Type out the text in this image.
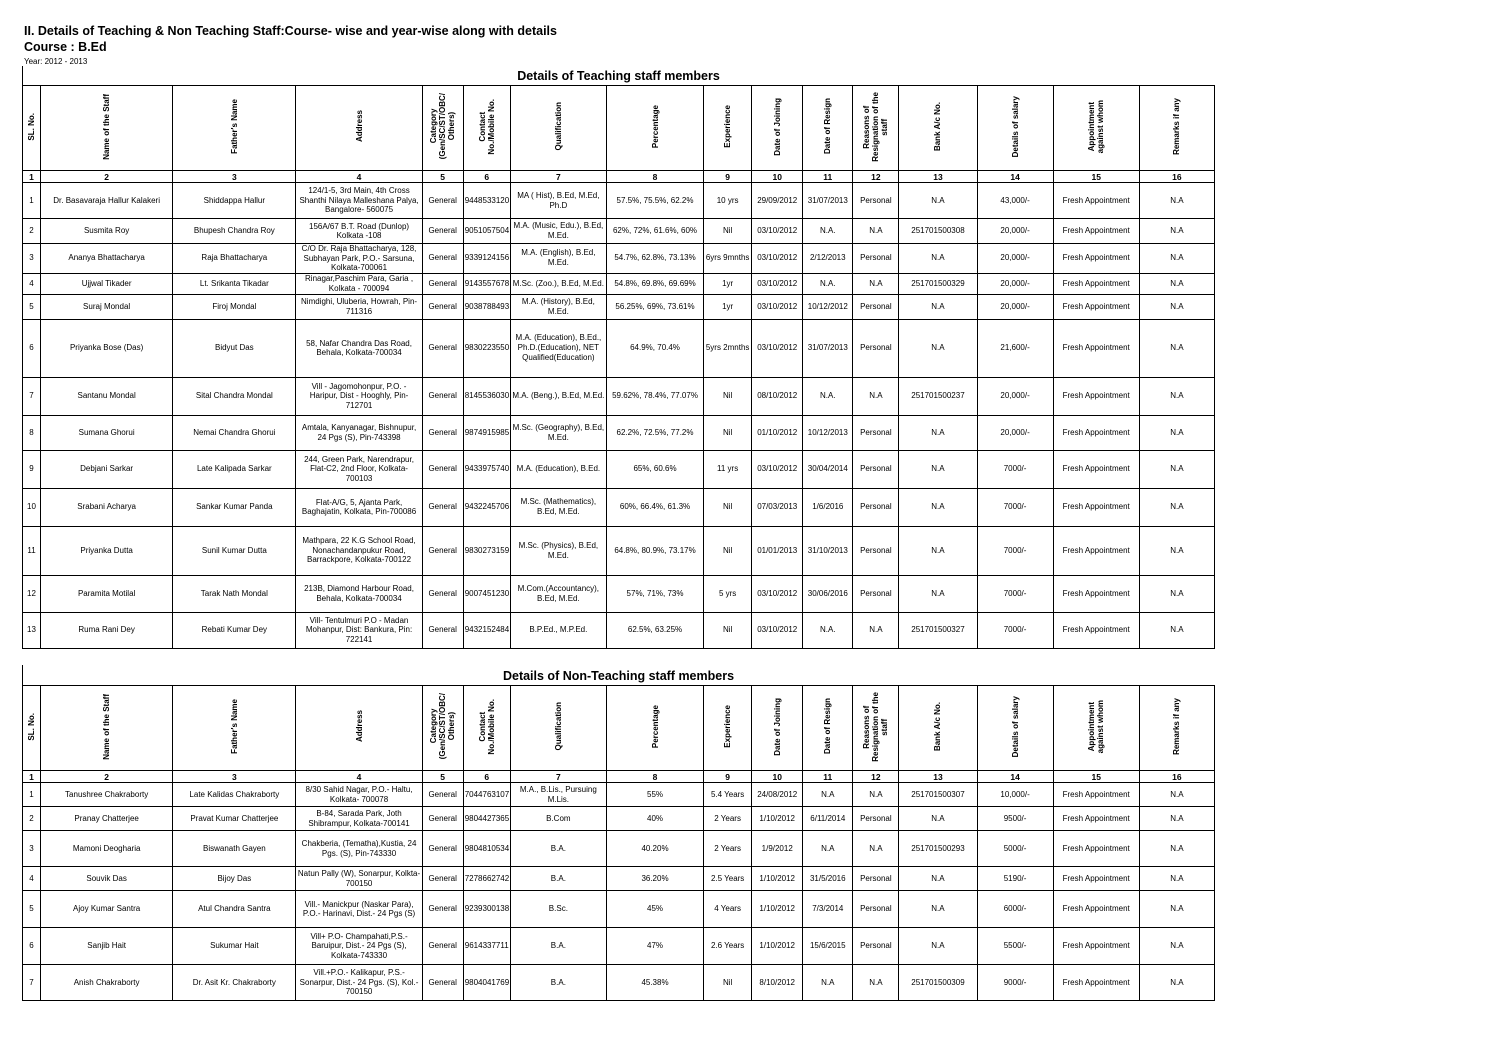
II. Details of Teaching & Non Teaching Staff:Course- wise and year-wise along with details
Course : B.Ed
Year: 2012 - 2013
Details of Teaching staff members
SL. No.	Name of the Staff	Father's Name	Address	Category
(Gen/SC/ST/OBC/
Others)	Contact
No./Mobile No.	Qualification	Percentage	Experience	Date of Joining	Date of Resign	Reasons of
Resignation of the
staff	Bank A/c No.	Details of salary	Appointment
against whom	Remarks if any
1	2	3	4	5	6	7	8	9	10	11	12	13	14	15	16
1	Dr. Basavaraja Hallur Kalakeri	Shiddappa Hallur	124/1-5, 3rd Main, 4th Cross Shanthi Nilaya Malleshana Palya, Bangalore- 560075	General	9448533120	MA ( Hist), B.Ed, M.Ed, Ph.D	57.5%, 75.5%, 62.2%	10 yrs	29/09/2012	31/07/2013	Personal	N.A	43,000/-	Fresh Appointment	N.A
2	Susmita Roy	Bhupesh Chandra Roy	156A/67 B.T. Road (Dunlop) Kolkata -108	General	9051057504	M.A. (Music, Edu.), B.Ed, M.Ed.	62%, 72%, 61.6%, 60%	Nil	03/10/2012	N.A.	N.A	251701500308	20,000/-	Fresh Appointment	N.A
3	Ananya Bhattacharya	Raja Bhattacharya	C/O Dr. Raja Bhattacharya, 128, Subhayan Park, P.O.- Sarsuna, Kolkata-700061	General	9339124156	M.A. (English), B.Ed, M.Ed.	54.7%, 62.8%, 73.13%	6yrs 9mnths	03/10/2012	2/12/2013	Personal	N.A	20,000/-	Fresh Appointment	N.A
4	Ujjwal Tikader	Lt. Srikanta Tikadar	Rinagar,Paschim Para, Garia , Kolkata - 700094	General	9143557678	M.Sc. (Zoo.), B.Ed, M.Ed.	54.8%, 69.8%, 69.69%	1yr	03/10/2012	N.A.	N.A	251701500329	20,000/-	Fresh Appointment	N.A
5	Suraj Mondal	Firoj Mondal	Nimdighi, Uluberia, Howrah, Pin-711316	General	9038788493	M.A. (History), B.Ed, M.Ed.	56.25%, 69%, 73.61%	1yr	03/10/2012	10/12/2012	Personal	N.A	20,000/-	Fresh Appointment	N.A
6	Priyanka Bose (Das)	Bidyut Das	58, Nafar Chandra Das Road, Behala, Kolkata-700034	General	9830223550	M.A. (Education), B.Ed., Ph.D.(Education), NET Qualified(Education)	64.9%, 70.4%	5yrs 2mnths	03/10/2012	31/07/2013	Personal	N.A	21,600/-	Fresh Appointment	N.A
7	Santanu Mondal	Sital Chandra Mondal	Vill - Jagomohonpur, P.O. - Haripur, Dist - Hooghly, Pin-712701	General	8145536030	M.A. (Beng.), B.Ed, M.Ed.	59.62%, 78.4%, 77.07%	Nil	08/10/2012	N.A.	N.A	251701500237	20,000/-	Fresh Appointment	N.A
8	Sumana Ghorui	Nemai Chandra Ghorui	Amtala, Kanyanagar, Bishnupur, 24 Pgs (S), Pin-743398	General	9874915985	M.Sc. (Geography), B.Ed, M.Ed.	62.2%, 72.5%, 77.2%	Nil	01/10/2012	10/12/2013	Personal	N.A	20,000/-	Fresh Appointment	N.A
9	Debjani Sarkar	Late Kalipada Sarkar	244, Green Park, Narendrapur, Flat-C2, 2nd Floor, Kolkata-700103	General	9433975740	M.A. (Education), B.Ed.	65%, 60.6%	11 yrs	03/10/2012	30/04/2014	Personal	N.A	7000/-	Fresh Appointment	N.A
10	Srabani Acharya	Sankar Kumar Panda	Flat-A/G, 5, Ajanta Park, Baghajatin, Kolkata, Pin-700086	General	9432245706	M.Sc. (Mathematics), B.Ed, M.Ed.	60%, 66.4%, 61.3%	Nil	07/03/2013	1/6/2016	Personal	N.A	7000/-	Fresh Appointment	N.A
11	Priyanka Dutta	Sunil Kumar Dutta	Mathpara, 22 K.G School Road, Nonachandanpukur Road, Barrackpore, Kolkata-700122	General	9830273159	M.Sc. (Physics), B.Ed, M.Ed.	64.8%, 80.9%, 73.17%	Nil	01/01/2013	31/10/2013	Personal	N.A	7000/-	Fresh Appointment	N.A
12	Paramita Motilal	Tarak Nath Mondal	213B, Diamond Harbour Road, Behala, Kolkata-700034	General	9007451230	M.Com.(Accountancy), B.Ed, M.Ed.	57%, 71%, 73%	5 yrs	03/10/2012	30/06/2016	Personal	N.A	7000/-	Fresh Appointment	N.A
13	Ruma Rani Dey	Rebati Kumar Dey	Vill- Tentulmuri P.O - Madan Mohanpur, Dist: Bankura, Pin: 722141	General	9432152484	B.P.Ed., M.P.Ed.	62.5%, 63.25%	Nil	03/10/2012	N.A.	N.A	251701500327	7000/-	Fresh Appointment	N.A
Details of Non-Teaching staff members
SL. No.	Name of the Staff	Father's Name	Address	Category
(Gen/SC/ST/OBC/
Others)	Contact
No./Mobile No.	Qualification	Percentage	Experience	Date of Joining	Date of Resign	Reasons of
Resignation of the
staff	Bank A/c No.	Details of salary	Appointment
against whom	Remarks if any
1	2	3	4	5	6	7	8	9	10	11	12	13	14	15	16
1	Tanushree Chakraborty	Late Kalidas Chakraborty	8/30 Sahid Nagar, P.O.- Haltu, Kolkata- 700078	General	7044763107	M.A., B.Lis., Pursuing M.Lis.	55%	5.4 Years	24/08/2012	N.A	N.A	251701500307	10,000/-	Fresh Appointment	N.A
2	Pranay Chatterjee	Pravat Kumar Chatterjee	B-84, Sarada Park, Joth Shibrampur, Kolkata-700141	General	9804427365	B.Com	40%	2 Years	1/10/2012	6/11/2014	Personal	N.A	9500/-	Fresh Appointment	N.A
3	Mamoni Deogharia	Biswanath Gayen	Chakberia, (Tematha),Kustia, 24 Pgs. (S), Pin-743330	General	9804810534	B.A.	40.20%	2 Years	1/9/2012	N.A	N.A	251701500293	5000/-	Fresh Appointment	N.A
4	Souvik Das	Bijoy Das	Natun Pally (W), Sonarpur, Kolkta- 700150	General	7278662742	B.A.	36.20%	2.5 Years	1/10/2012	31/5/2016	Personal	N.A	5190/-	Fresh Appointment	N.A
5	Ajoy Kumar Santra	Atul Chandra Santra	Vill.- Manickpur (Naskar Para), P.O.- Harinavi, Dist.- 24 Pgs (S)	General	9239300138	B.Sc.	45%	4 Years	1/10/2012	7/3/2014	Personal	N.A	6000/-	Fresh Appointment	N.A
6	Sanjib Hait	Sukumar Hait	Vill+ P.O- Champahati,P.S.- Baruipur, Dist.- 24 Pgs (S), Kolkata-743330	General	9614337711	B.A.	47%	2.6 Years	1/10/2012	15/6/2015	Personal	N.A	5500/-	Fresh Appointment	N.A
7	Anish Chakraborty	Dr. Asit Kr. Chakraborty	Vill.+P.O.- Kalikapur, P.S.- Sonarpur, Dist.- 24 Pgs. (S), Kol.- 700150	General	9804041769	B.A.	45.38%	Nil	8/10/2012	N.A	N.A	251701500309	9000/-	Fresh Appointment	N.A
